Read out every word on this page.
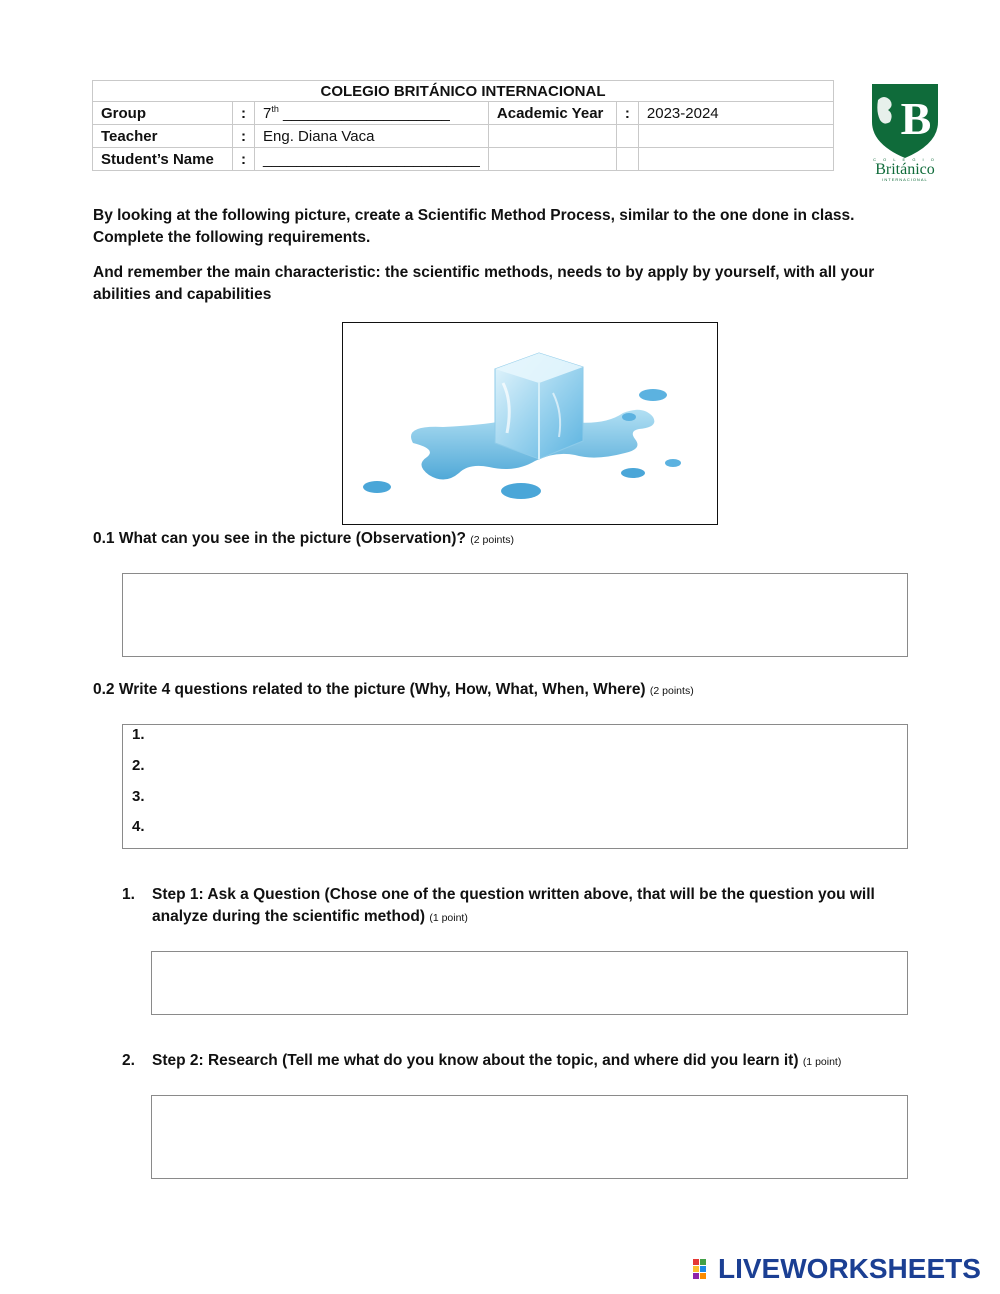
COLEGIO BRITÁNICO INTERNACIONAL					
Group	:	7th ____________________	Academic Year	:	2023-2024
Teacher	:	Eng. Diana Vaca			
Student’s Name	:	__________________________			
B
C O L E G I O
Británico
INTERNACIONAL
By looking at the following picture, create a Scientific Method Process, similar to the one done in class. Complete the following requirements.
And remember the main characteristic: the scientific methods, needs to by apply by yourself, with all your abilities and capabilities
0.1 What can you see in the picture (Observation)? (2 points)
0.2 Write 4 questions related to the picture (Why, How, What, When, Where) (2 points)
1.
2.
3.
4.
1. Step 1: Ask a Question (Chose one of the question written above, that will be the question you will analyze during the scientific method) (1 point)
2. Step 2: Research (Tell me what do you know about the topic, and where did you learn it) (1 point)
LIVEWORKSHEETS
